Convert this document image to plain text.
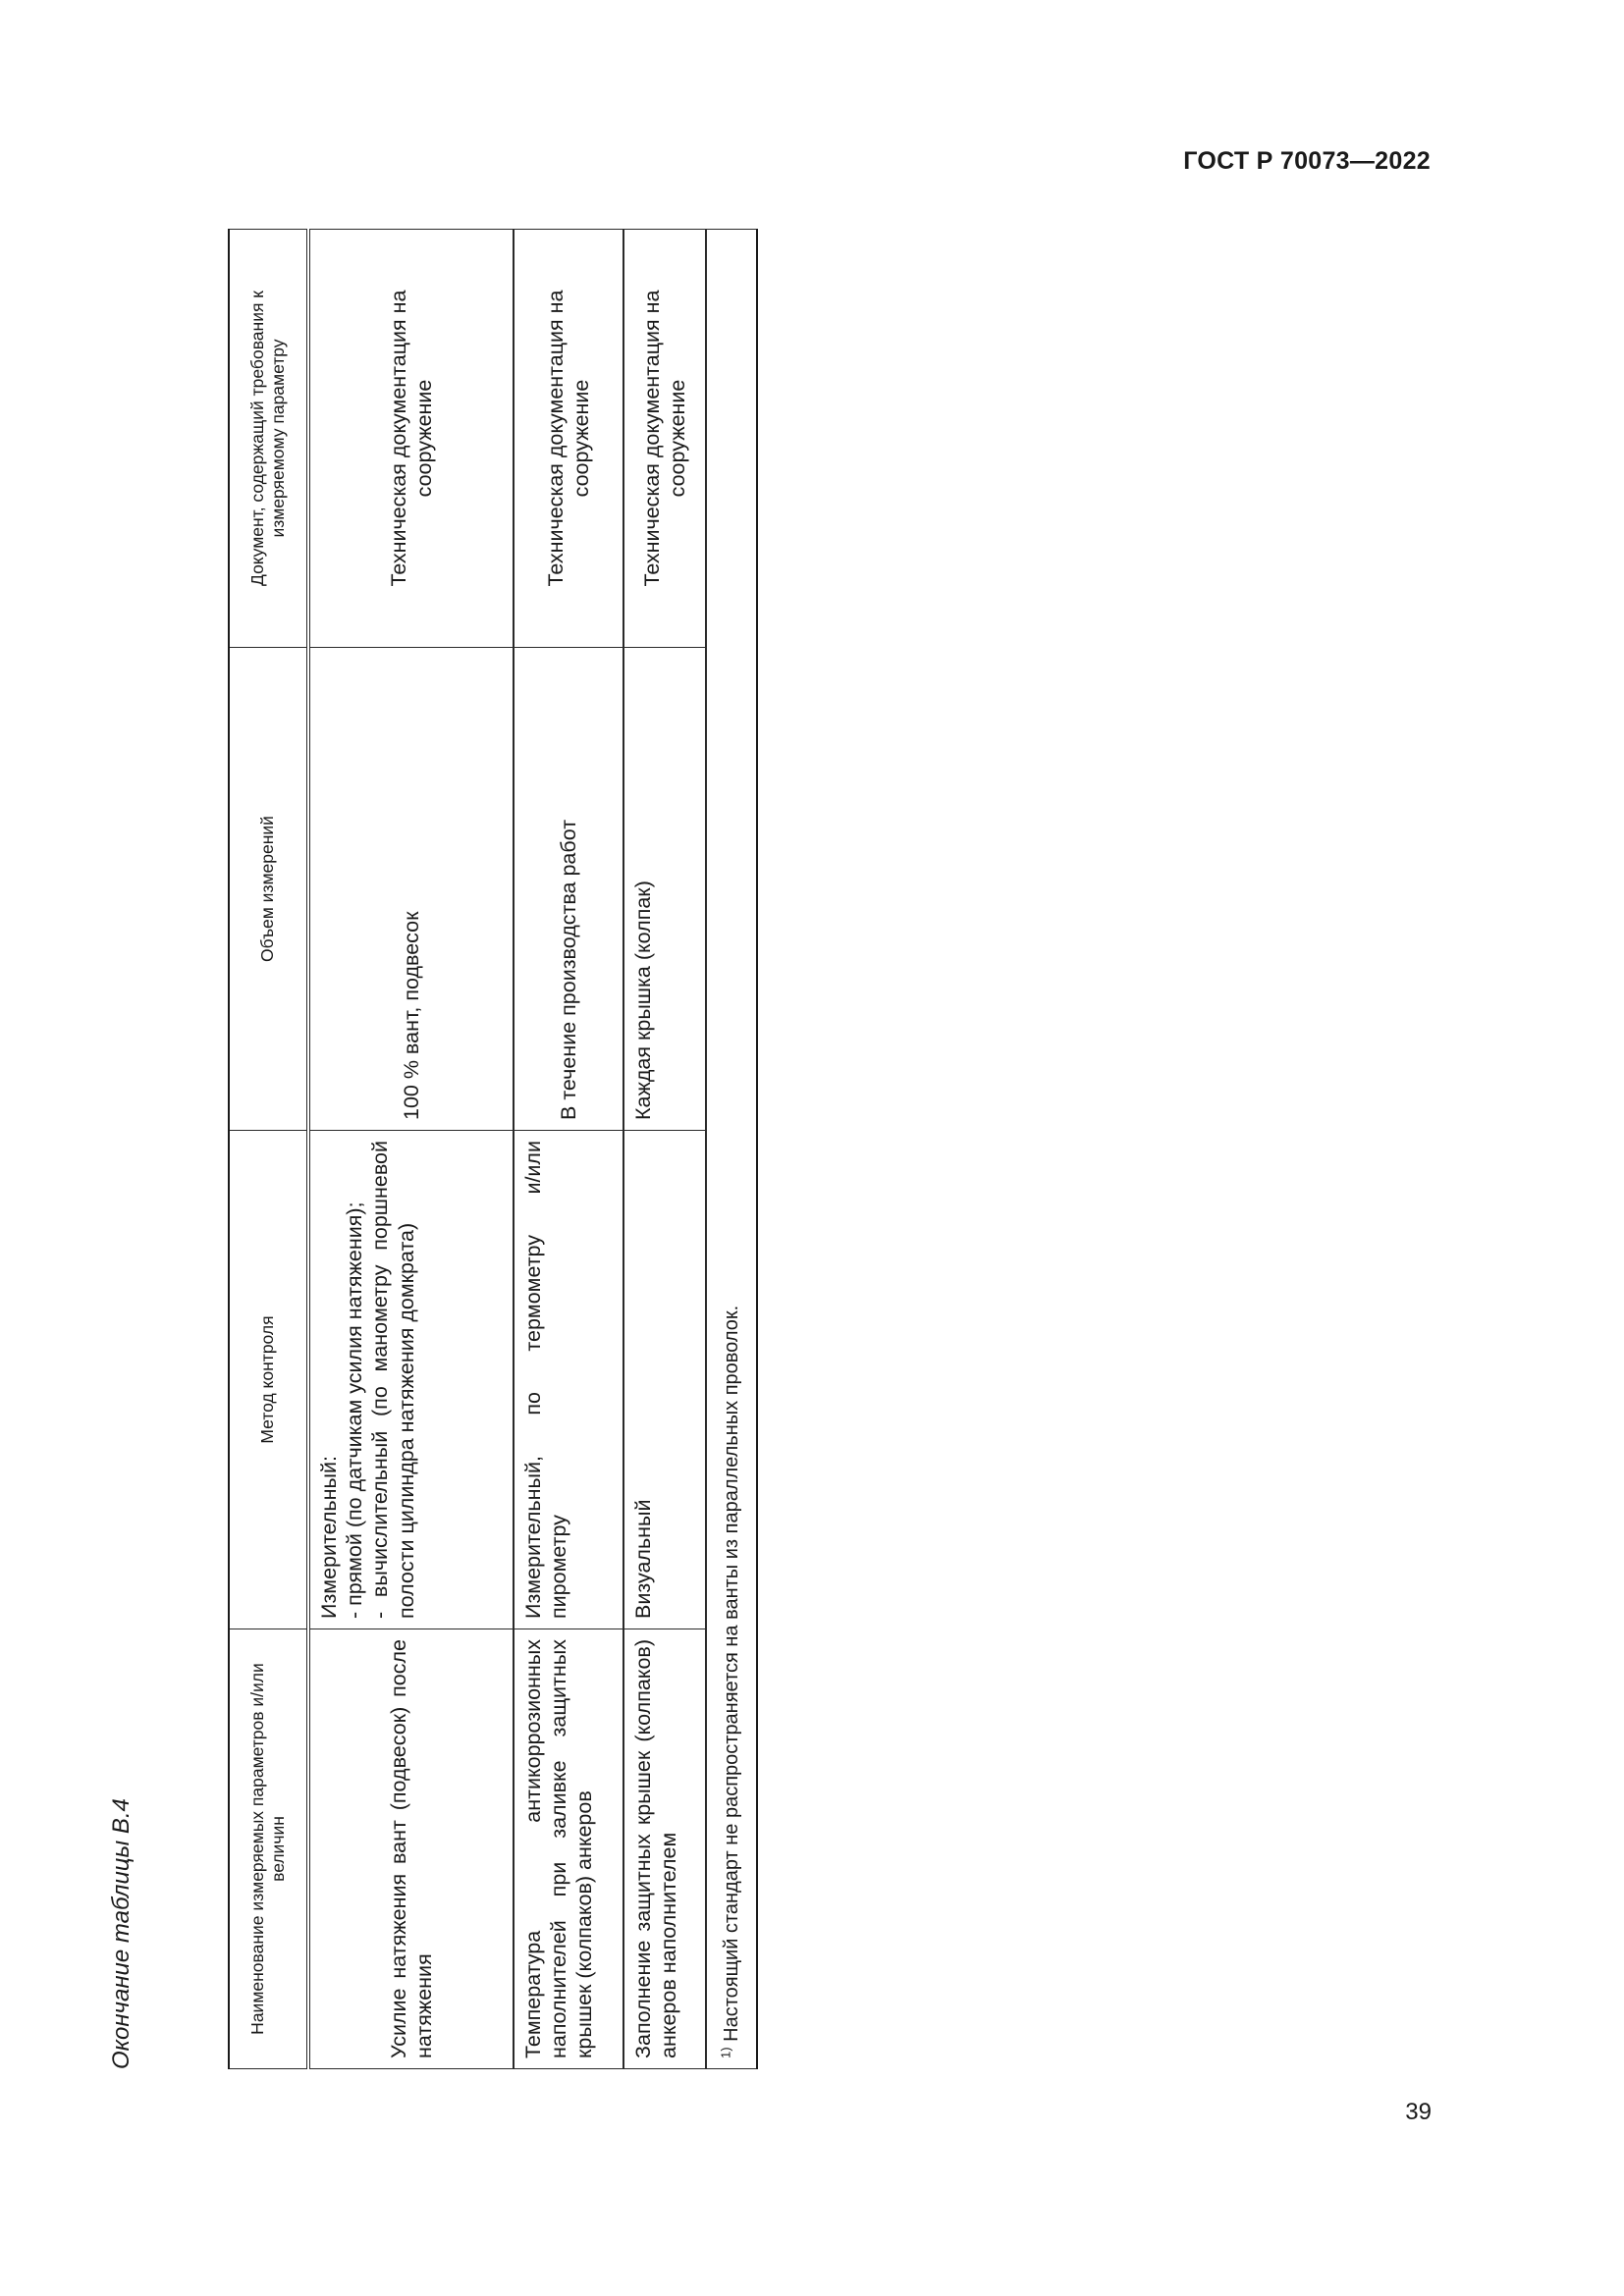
ГОСТ Р 70073—2022
Окончание таблицы В.4	Наименование измеряемых параметров и/или величин	Метод контроля	Объем измерений	Документ, содержащий требования к измеряемому параметру
Усилие натяжения вант (подвесок) после натяжения	Измерительный: - прямой (по датчикам усилия натяжения); - вычислительный (по манометру поршневой полости цилиндра натяжения домкрата)	100 % вант, подвесок	Техническая документация на сооружение
Температура антикоррозионных наполнителей при заливке защитных крышек (колпаков) анкеров	Измерительный, по термометру и/или пирометру	В течение производства работ	Техническая документация на сооружение
Заполнение защитных крышек (колпаков) анкеров наполнителем	Визуальный	Каждая крышка (колпак)	Техническая документация на сооружение
$^{1)}$ Настоящий стандарт не распространяется на ванты из параллельных проволок.			
39
